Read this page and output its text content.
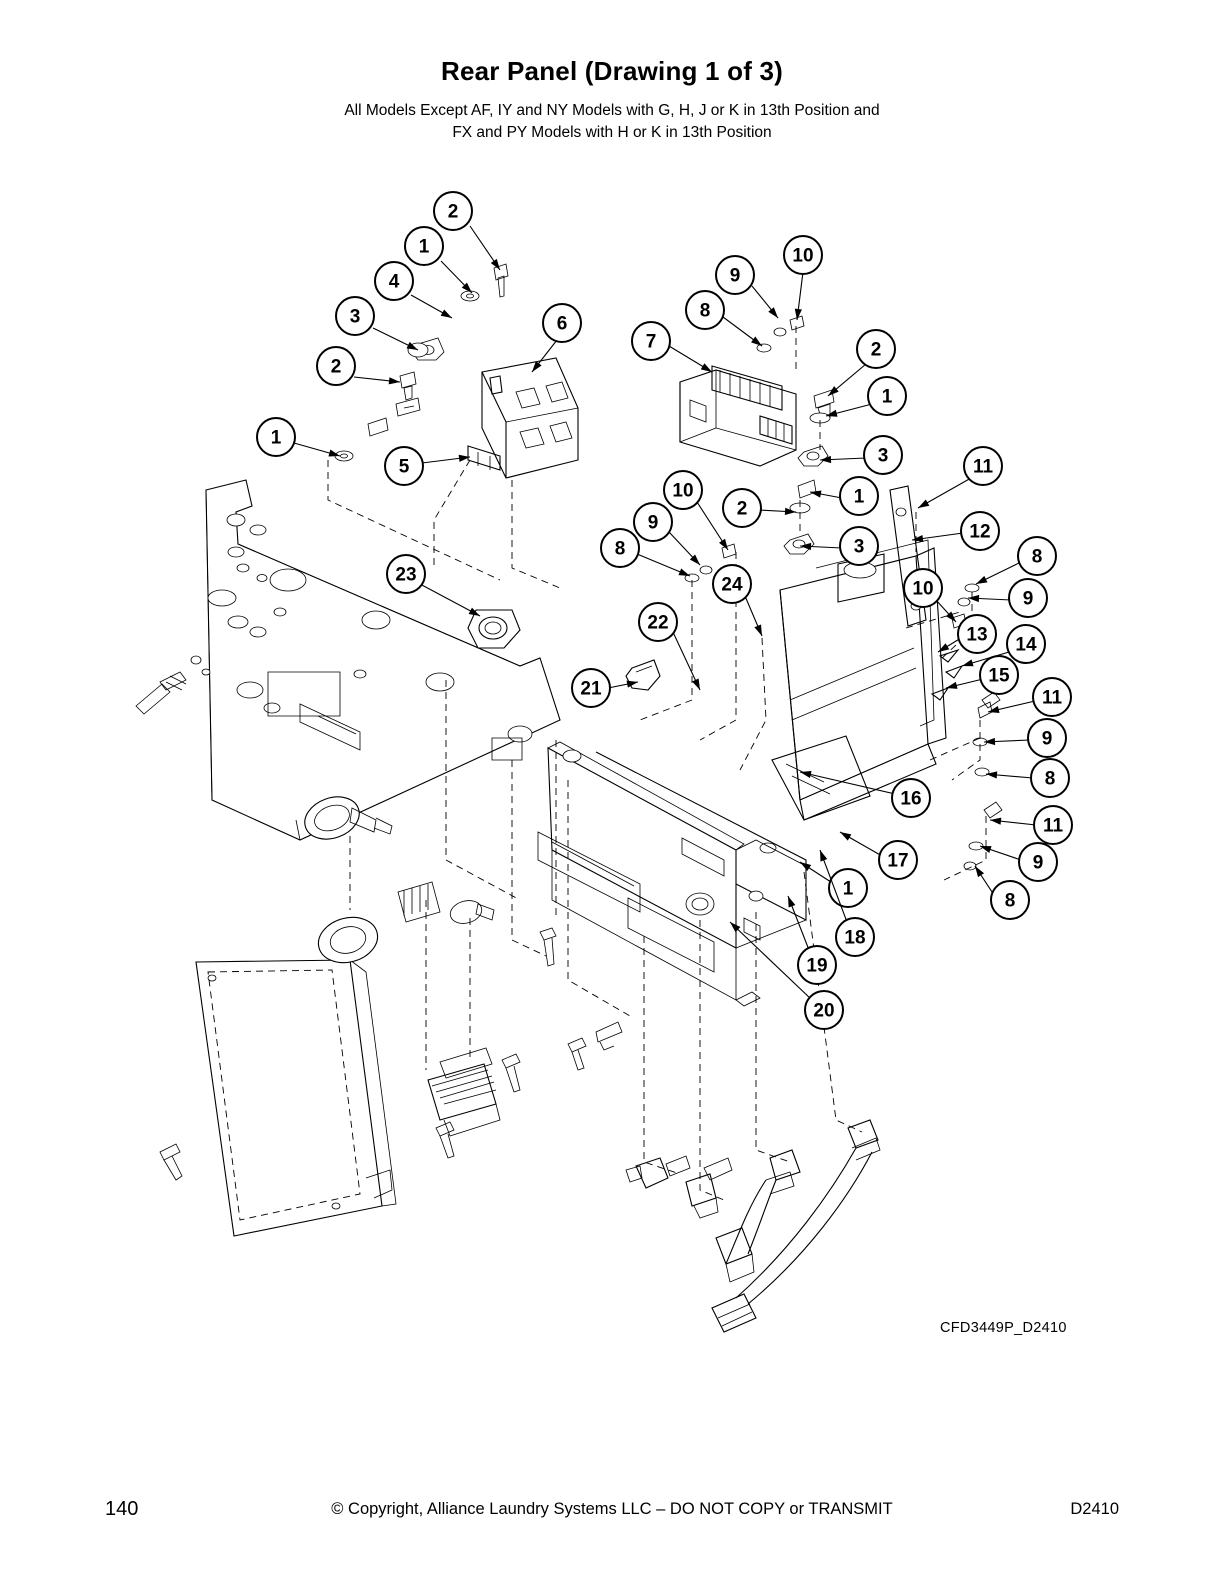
Rear Panel (Drawing 1 of 3)
All Models Except AF, IY and NY Models with G, H, J or K in 13th Position and
FX and PY Models with H or K in 13th Position
2
1
4
3
2
1
5
6
7
8
9
10
2
1
3
1
3
2
10
9
8
24
22
21
23
11
12
8
9
10
13 14
15
11
9
8
11
9
8
16
17
1
18
19
20
CFD3449P_D2410
140	© Copyright, Alliance Laundry Systems LLC – DO NOT COPY or TRANSMIT	D2410
